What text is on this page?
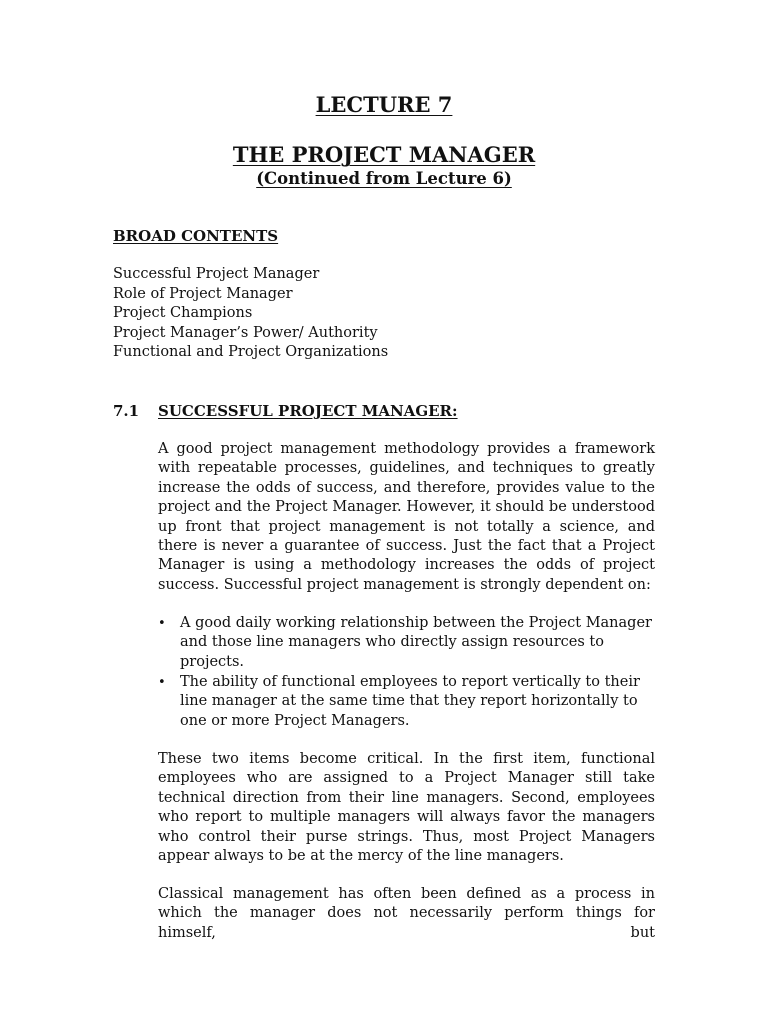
LECTURE 7
THE PROJECT MANAGER
(Continued from Lecture 6)
BROAD CONTENTS
Successful Project Manager
Role of Project Manager
Project Champions
Project Manager’s Power/ Authority
Functional and Project Organizations
7.1 SUCCESSFUL PROJECT MANAGER:

A good project management methodology provides a framework with repeatable processes, guidelines, and techniques to greatly increase the odds of success, and therefore, provides value to the project and the Project Manager. However, it should be understood up front that project management is not totally a science, and there is never a guarantee of success. Just the fact that a Project Manager is using a methodology increases the odds of project success. Successful project management is strongly dependent on:

• A good daily working relationship between the Project Manager and those line managers who directly assign resources to projects.
• The ability of functional employees to report vertically to their line manager at the same time that they report horizontally to one or more Project Managers.

These two items become critical. In the first item, functional employees who are assigned to a Project Manager still take technical direction from their line managers. Second, employees who report to multiple managers will always favor the managers who control their purse strings. Thus, most Project Managers appear always to be at the mercy of the line managers.

Classical management has often been defined as a process in which the manager does not necessarily perform things for himself, but
